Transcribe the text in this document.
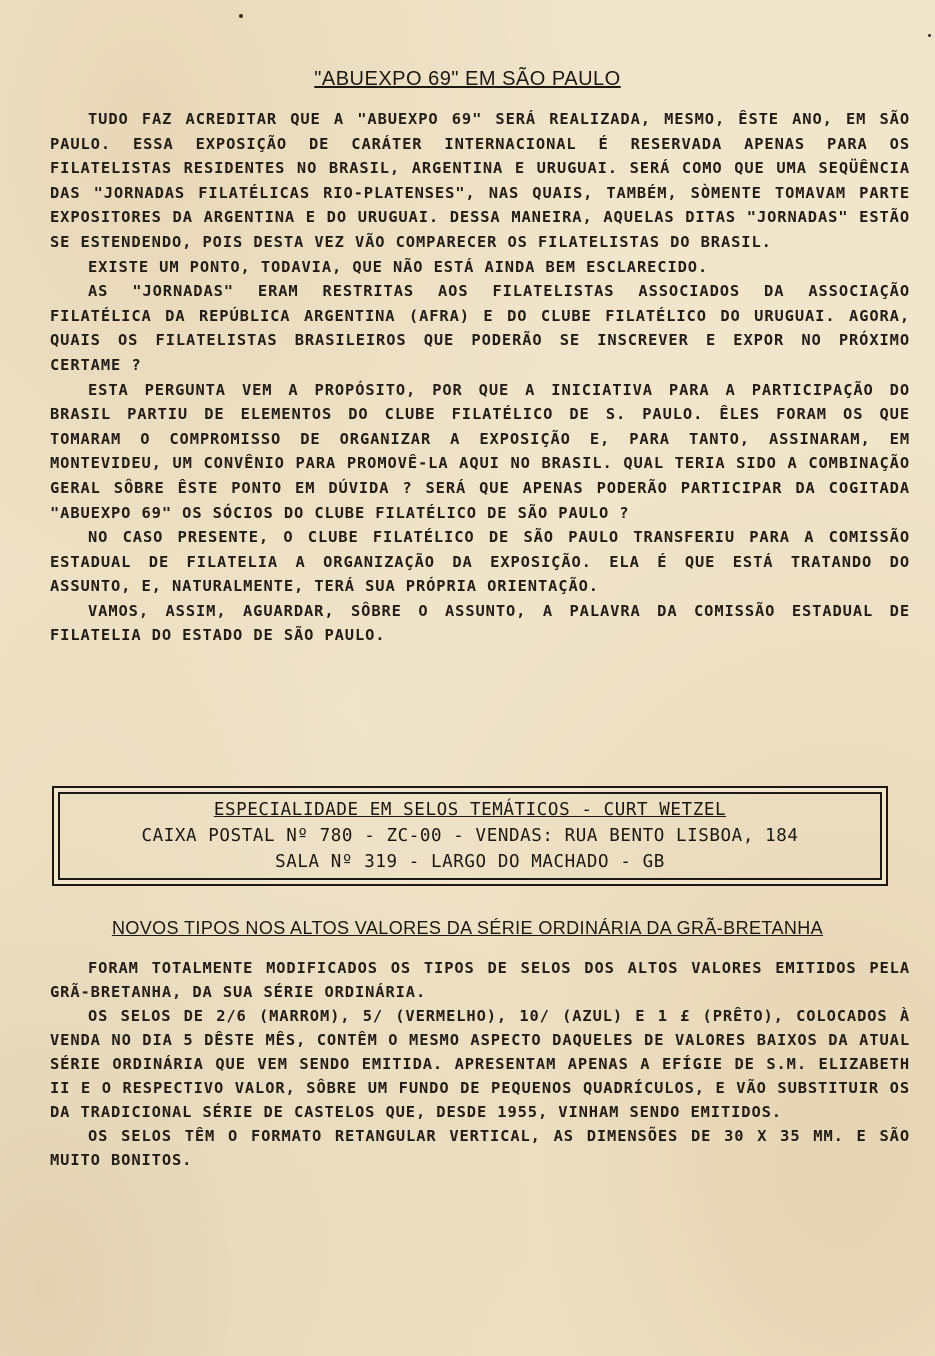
"ABUEXPO 69" EM SÃO PAULO

TUDO FAZ ACREDITAR QUE A "ABUEXPO 69" SERÁ REALIZADA, MESMO, ÊSTE ANO, EM SÃO PAULO. ESSA EXPOSIÇÃO DE CARÁTER INTERNACIONAL É RESERVADA APENAS PARA OS FILATELISTAS RESIDENTES NO BRASIL, ARGENTINA E URUGUAI. SERÁ COMO QUE UMA SEQÜÊNCIA DAS "JORNADAS FILATÉLICAS RIO-PLATENSES", NAS QUAIS, TAMBÉM, SÒMENTE TOMAVAM PARTE EXPOSITORES DA ARGENTINA E DO URUGUAI. DESSA MANEIRA, AQUELAS DITAS "JORNADAS" ESTÃO SE ESTENDENDO, POIS DESTA VEZ VÃO COMPARECER OS FILATELISTAS DO BRASIL.

EXISTE UM PONTO, TODAVIA, QUE NÃO ESTÁ AINDA BEM ESCLARECIDO.

AS "JORNADAS" ERAM RESTRITAS AOS FILATELISTAS ASSOCIADOS DA ASSOCIAÇÃO FILATÉLICA DA REPÚBLICA ARGENTINA (AFRA) E DO CLUBE FILATÉLICO DO URUGUAI. AGORA, QUAIS OS FILATELISTAS BRASILEIROS QUE PODERÃO SE INSCREVER E EXPOR NO PRÓXIMO CERTAME ?

ESTA PERGUNTA VEM A PROPÓSITO, POR QUE A INICIATIVA PARA A PARTICIPAÇÃO DO BRASIL PARTIU DE ELEMENTOS DO CLUBE FILATÉLICO DE S. PAULO. ÊLES FORAM OS QUE TOMARAM O COMPROMISSO DE ORGANIZAR A EXPOSIÇÃO E, PARA TANTO, ASSINARAM, EM MONTEVIDEU, UM CONVÊNIO PARA PROMOVÊ-LA AQUI NO BRASIL. QUAL TERIA SIDO A COMBINAÇÃO GERAL SÔBRE ÊSTE PONTO EM DÚVIDA ? SERÁ QUE APENAS PODERÃO PARTICIPAR DA COGITADA "ABUEXPO 69" OS SÓCIOS DO CLUBE FILATÉLICO DE SÃO PAULO ?

NO CASO PRESENTE, O CLUBE FILATÉLICO DE SÃO PAULO TRANSFERIU PARA A COMISSÃO ESTADUAL DE FILATELIA A ORGANIZAÇÃO DA EXPOSIÇÃO. ELA É QUE ESTÁ TRATANDO DO ASSUNTO, E, NATURALMENTE, TERÁ SUA PRÓPRIA ORIENTAÇÃO.

VAMOS, ASSIM, AGUARDAR, SÔBRE O ASSUNTO, A PALAVRA DA COMISSÃO ESTADUAL DE FILATELIA DO ESTADO DE SÃO PAULO.

ESPECIALIDADE EM SELOS TEMÁTICOS - CURT WETZEL
CAIXA POSTAL Nº 780 - ZC-00 - VENDAS: RUA BENTO LISBOA, 184
SALA Nº 319 - LARGO DO MACHADO - GB
NOVOS TIPOS NOS ALTOS VALORES DA SÉRIE ORDINÁRIA DA GRÃ-BRETANHA

FORAM TOTALMENTE MODIFICADOS OS TIPOS DE SELOS DOS ALTOS VALORES EMITIDOS PELA GRÃ-BRETANHA, DA SUA SÉRIE ORDINÁRIA.

OS SELOS DE 2/6 (MARROM), 5/ (VERMELHO), 10/ (AZUL) E 1 £ (PRÊTO), COLOCADOS À VENDA NO DIA 5 DÊSTE MÊS, CONTÊM O MESMO ASPECTO DAQUELES DE VALORES BAIXOS DA ATUAL SÉRIE ORDINÁRIA QUE VEM SENDO EMITIDA. APRESENTAM APENAS A EFÍGIE DE S.M. ELIZABETH II E O RESPECTIVO VALOR, SÔBRE UM FUNDO DE PEQUENOS QUADRÍCULOS, E VÃO SUBSTITUIR OS DA TRADICIONAL SÉRIE DE CASTELOS QUE, DESDE 1955, VINHAM SENDO EMITIDOS.

OS SELOS TÊM O FORMATO RETANGULAR VERTICAL, AS DIMENSÕES DE 30 X 35 MM. E SÃO MUITO BONITOS.
